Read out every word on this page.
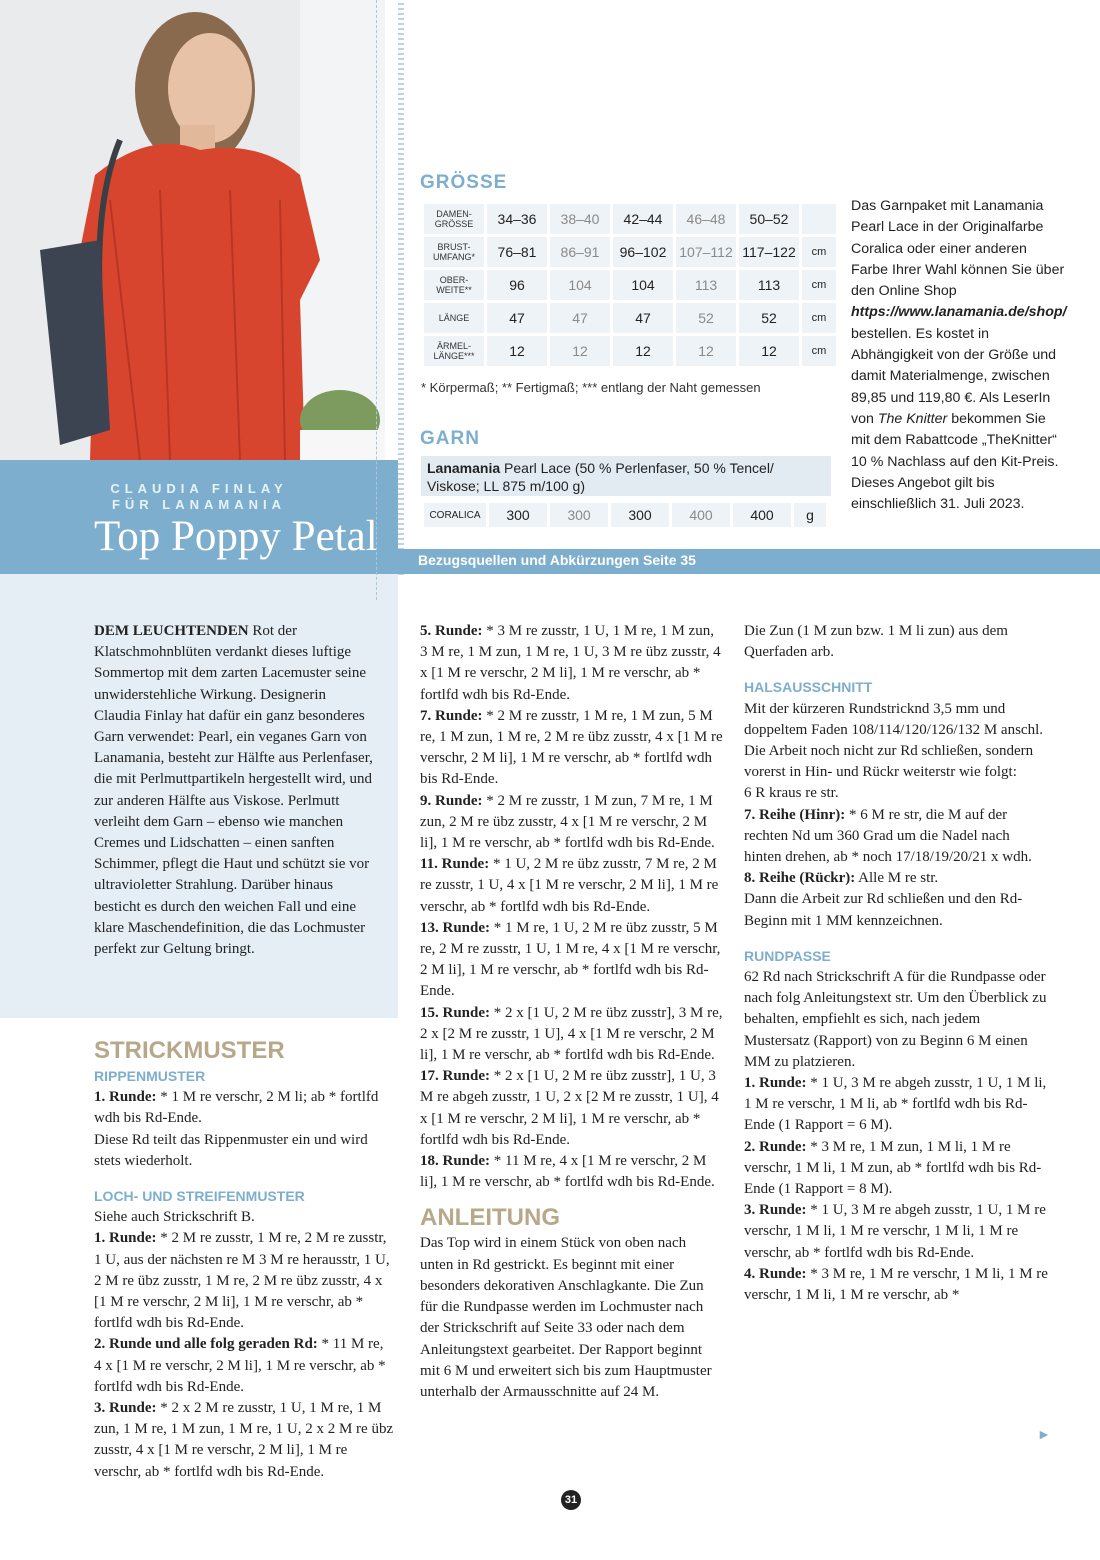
CLAUDIA FINLAY
FÜR LANAMANIA
Top Poppy Petal	Bezugsquellen und Abkürzungen Seite 35
GRÖSSE
DAMEN-
GRÖSSE	34–36	38–40	42–44	46–48	50–52	
BRUST-
UMFANG*	76–81	86–91	96–102	107–112	117–122	cm
OBER-
WEITE**	96	104	104	113	113	cm
LÄNGE	47	47	47	52	52	cm
ÄRMEL-
LÄNGE***	12	12	12	12	12	cm
* Körpermaß; ** Fertigmaß; *** entlang der Naht gemessen
GARN
Lanamania Pearl Lace (50 % Perlenfaser, 50 % Tencel/ Viskose; LL 875 m/100 g)
CORALICA	300	300	300	400	400	g
Das Garnpaket mit Lanamania Pearl Lace in der Originalfarbe Coralica oder einer anderen Farbe Ihrer Wahl können Sie über den Online Shop https://www.lanamania.de/shop/ bestellen. Es kostet in Abhängigkeit von der Größe und damit Materialmenge, zwischen 89,85 und 119,80 €. Als LeserIn von The Knitter bekommen Sie mit dem Rabattcode „TheKnitter“ 10 % Nachlass auf den Kit-Preis. Dieses Angebot gilt bis einschließlich 31. Juli 2023.

DEM LEUCHTENDEN Rot der Klatschmohnblüten verdankt dieses luftige Sommertop mit dem zarten Lacemuster seine unwiderstehliche Wirkung. Designerin Claudia Finlay hat dafür ein ganz besonderes Garn verwendet: Pearl, ein veganes Garn von Lanamania, besteht zur Hälfte aus Perlenfaser, die mit Perlmuttpartikeln hergestellt wird, und zur anderen Hälfte aus Viskose. Perlmutt verleiht dem Garn – ebenso wie manchen Cremes und Lidschatten – einen sanften Schimmer, pflegt die Haut und schützt sie vor ultravioletter Strahlung. Darüber hinaus besticht es durch den weichen Fall und eine klare Maschendefinition, die das Lochmuster perfekt zur Geltung bringt.

STRICKMUSTER

RIPPENMUSTER

1. Runde: * 1 M re verschr, 2 M li; ab * fortlfd wdh bis Rd-Ende.

Diese Rd teilt das Rippenmuster ein und wird stets wiederholt.

LOCH- UND STREIFENMUSTER

Siehe auch Strickschrift B.

1. Runde: * 2 M re zusstr, 1 M re, 2 M re zusstr, 1 U, aus der nächsten re M 3 M re herausstr, 1 U, 2 M re übz zusstr, 1 M re, 2 M re übz zusstr, 4 x [1 M re verschr, 2 M li], 1 M re verschr, ab * fortlfd wdh bis Rd-Ende.

2. Runde und alle folg geraden Rd: * 11 M re, 4 x [1 M re verschr, 2 M li], 1 M re verschr, ab * fortlfd wdh bis Rd-Ende.

3. Runde: * 2 x 2 M re zusstr, 1 U, 1 M re, 1 M zun, 1 M re, 1 M zun, 1 M re, 1 U, 2 x 2 M re übz zusstr, 4 x [1 M re verschr, 2 M li], 1 M re verschr, ab * fortlfd wdh bis Rd-Ende.

5. Runde: * 3 M re zusstr, 1 U, 1 M re, 1 M zun, 3 M re, 1 M zun, 1 M re, 1 U, 3 M re übz zusstr, 4 x [1 M re verschr, 2 M li], 1 M re verschr, ab * fortlfd wdh bis Rd-Ende.

7. Runde: * 2 M re zusstr, 1 M re, 1 M zun, 5 M re, 1 M zun, 1 M re, 2 M re übz zusstr, 4 x [1 M re verschr, 2 M li], 1 M re verschr, ab * fortlfd wdh bis Rd-Ende.

9. Runde: * 2 M re zusstr, 1 M zun, 7 M re, 1 M zun, 2 M re übz zusstr, 4 x [1 M re verschr, 2 M li], 1 M re verschr, ab * fortlfd wdh bis Rd-Ende.

11. Runde: * 1 U, 2 M re übz zusstr, 7 M re, 2 M re zusstr, 1 U, 4 x [1 M re verschr, 2 M li], 1 M re verschr, ab * fortlfd wdh bis Rd-Ende.

13. Runde: * 1 M re, 1 U, 2 M re übz zusstr, 5 M re, 2 M re zusstr, 1 U, 1 M re, 4 x [1 M re verschr, 2 M li], 1 M re verschr, ab * fortlfd wdh bis Rd-Ende.

15. Runde: * 2 x [1 U, 2 M re übz zusstr], 3 M re, 2 x [2 M re zusstr, 1 U], 4 x [1 M re verschr, 2 M li], 1 M re verschr, ab * fortlfd wdh bis Rd-Ende.

17. Runde: * 2 x [1 U, 2 M re übz zusstr], 1 U, 3 M re abgeh zusstr, 1 U, 2 x [2 M re zusstr, 1 U], 4 x [1 M re verschr, 2 M li], 1 M re verschr, ab * fortlfd wdh bis Rd-Ende.

18. Runde: * 11 M re, 4 x [1 M re verschr, 2 M li], 1 M re verschr, ab * fortlfd wdh bis Rd-Ende.

ANLEITUNG

Das Top wird in einem Stück von oben nach unten in Rd gestrickt. Es beginnt mit einer besonders dekorativen Anschlagkante. Die Zun für die Rundpasse werden im Lochmuster nach der Strickschrift auf Seite 33 oder nach dem Anleitungstext gearbeitet. Der Rapport beginnt mit 6 M und erweitert sich bis zum Hauptmuster unterhalb der Armausschnitte auf 24 M.

Die Zun (1 M zun bzw. 1 M li zun) aus dem Querfaden arb.

HALSAUSSCHNITT

Mit der kürzeren Rundstricknd 3,5 mm und doppeltem Faden 108/114/120/126/132 M anschl. Die Arbeit noch nicht zur Rd schließen, sondern vorerst in Hin- und Rückr weiterstr wie folgt:

6 R kraus re str.

7. Reihe (Hinr): * 6 M re str, die M auf der rechten Nd um 360 Grad um die Nadel nach hinten drehen, ab * noch 17/18/19/20/21 x wdh.

8. Reihe (Rückr): Alle M re str.

Dann die Arbeit zur Rd schließen und den Rd-Beginn mit 1 MM kennzeichnen.

RUNDPASSE

62 Rd nach Strickschrift A für die Rundpasse oder nach folg Anleitungstext str. Um den Überblick zu behalten, empfiehlt es sich, nach jedem Mustersatz (Rapport) von zu Beginn 6 M einen MM zu platzieren.

1. Runde: * 1 U, 3 M re abgeh zusstr, 1 U, 1 M li, 1 M re verschr, 1 M li, ab * fortlfd wdh bis Rd-Ende (1 Rapport = 6 M).

2. Runde: * 3 M re, 1 M zun, 1 M li, 1 M re verschr, 1 M li, 1 M zun, ab * fortlfd wdh bis Rd-Ende (1 Rapport = 8 M).

3. Runde: * 1 U, 3 M re abgeh zusstr, 1 U, 1 M re verschr, 1 M li, 1 M re verschr, 1 M li, 1 M re verschr, ab * fortlfd wdh bis Rd-Ende.

4. Runde: * 3 M re, 1 M re verschr, 1 M li, 1 M re verschr, 1 M li, 1 M re verschr, ab *

►
31
